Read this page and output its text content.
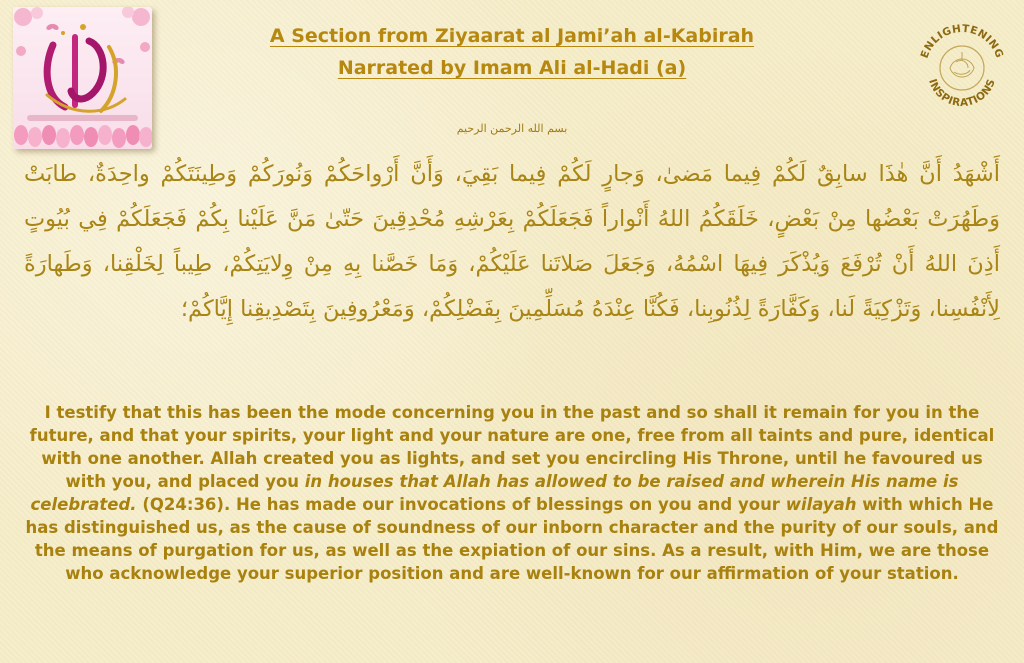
A Section from Ziyaarat al Jami’ah al-Kabirah

Narrated by Imam Ali al-Hadi (a)

ENLIGHTENING
INSPIRATIONS
بسم الله الرحمن الرحيم

أَشْهَدُ أَنَّ هٰذَا سابِقٌ لَكُمْ فِيما مَضىٰ، وَجارٍ لَكُمْ فِيما بَقِيَ، وَأَنَّ أَرْواحَكُمْ وَنُورَكُمْ وَطِينَتَكُمْ واحِدَةٌ، طابَتْ وَطَهُرَتْ بَعْضُها مِنْ بَعْضٍ، خَلَقَكُمُ اللهُ أَنْواراً فَجَعَلَكُمْ بِعَرْشِهِ مُحْدِقِينَ حَتّىٰ مَنَّ عَلَيْنا بِكُمْ فَجَعَلَكُمْ فِي بُيُوتٍ أَذِنَ اللهُ أَنْ تُرْفَعَ وَيُذْكَرَ فِيهَا اسْمُهُ، وَجَعَلَ صَلاتَنا عَلَيْكُمْ، وَمَا خَصَّنا بِهِ مِنْ وِلايَتِكُمْ، طِيباً لِخَلْقِنا، وَطَهارَةً لِأَنْفُسِنا، وَتَزْكِيَةً لَنا، وَكَفَّارَةً لِذُنُوبِنا، فَكُنَّا عِنْدَهُ مُسَلِّمِينَ بِفَضْلِكُمْ، وَمَعْرُوفِينَ بِتَصْدِيقِنا إِيَّاكُمْ؛

I testify that this has been the mode concerning you in the past and so shall it remain for you in the future, and that your spirits, your light and your nature are one, free from all taints and pure, identical with one another. Allah created you as lights, and set you encircling His Throne, until he favoured us with you, and placed you in houses that Allah has allowed to be raised and wherein His name is celebrated. (Q24:36). He has made our invocations of blessings on you and your wilayah with which He has distinguished us, as the cause of soundness of our inborn character and the purity of our souls, and the means of purgation for us, as well as the expiation of our sins. As a result, with Him, we are those who acknowledge your superior position and are well-known for our affirmation of your station.
